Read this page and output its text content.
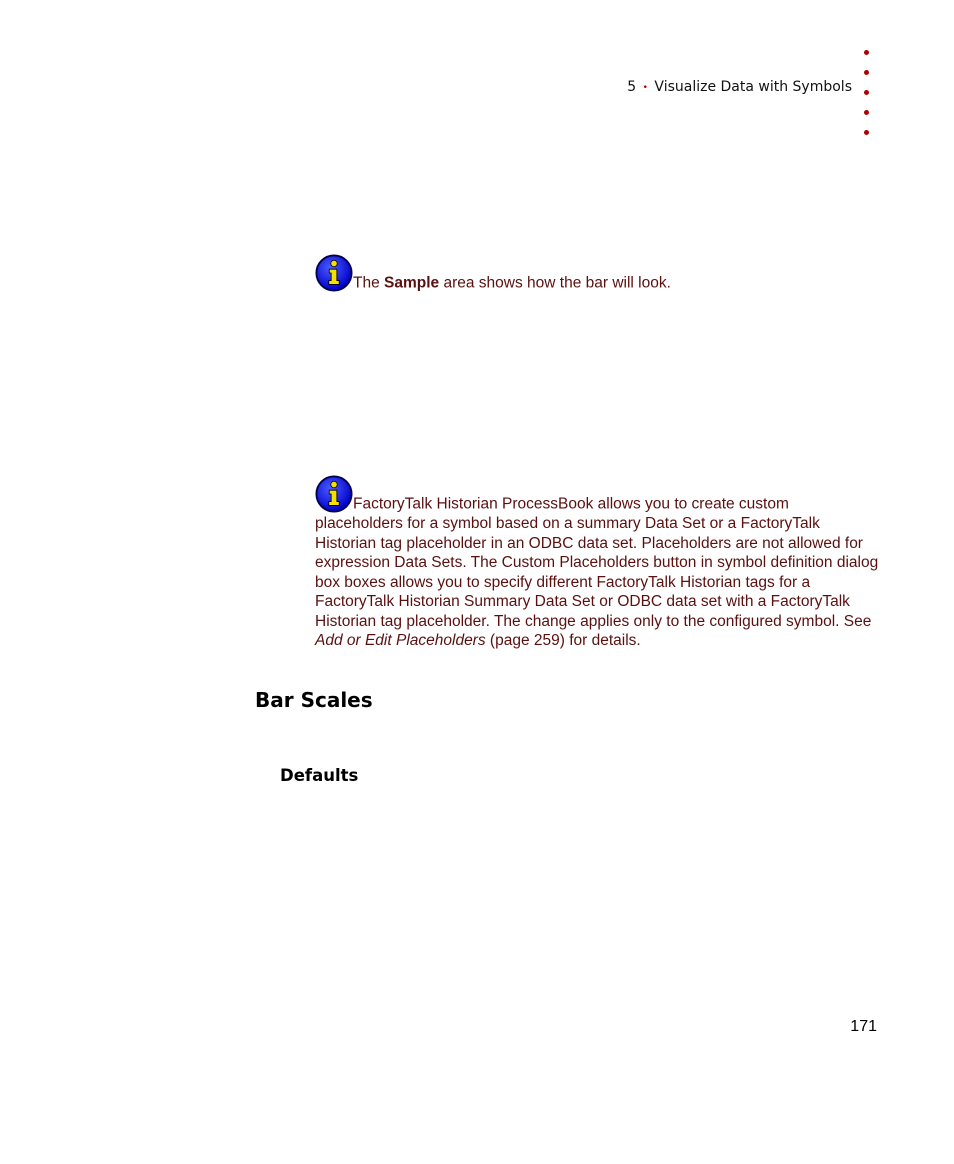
5 • Visualize Data with Symbols
The Sample area shows how the bar will look.
FactoryTalk Historian ProcessBook allows you to create custom placeholders for a symbol based on a summary Data Set or a FactoryTalk Historian tag placeholder in an ODBC data set. Placeholders are not allowed for expression Data Sets. The Custom Placeholders button in symbol definition dialog box boxes allows you to specify different FactoryTalk Historian tags for a FactoryTalk Historian Summary Data Set or ODBC data set with a FactoryTalk Historian tag placeholder. The change applies only to the configured symbol. See Add or Edit Placeholders (page 259) for details.
Bar Scales
Defaults
171
